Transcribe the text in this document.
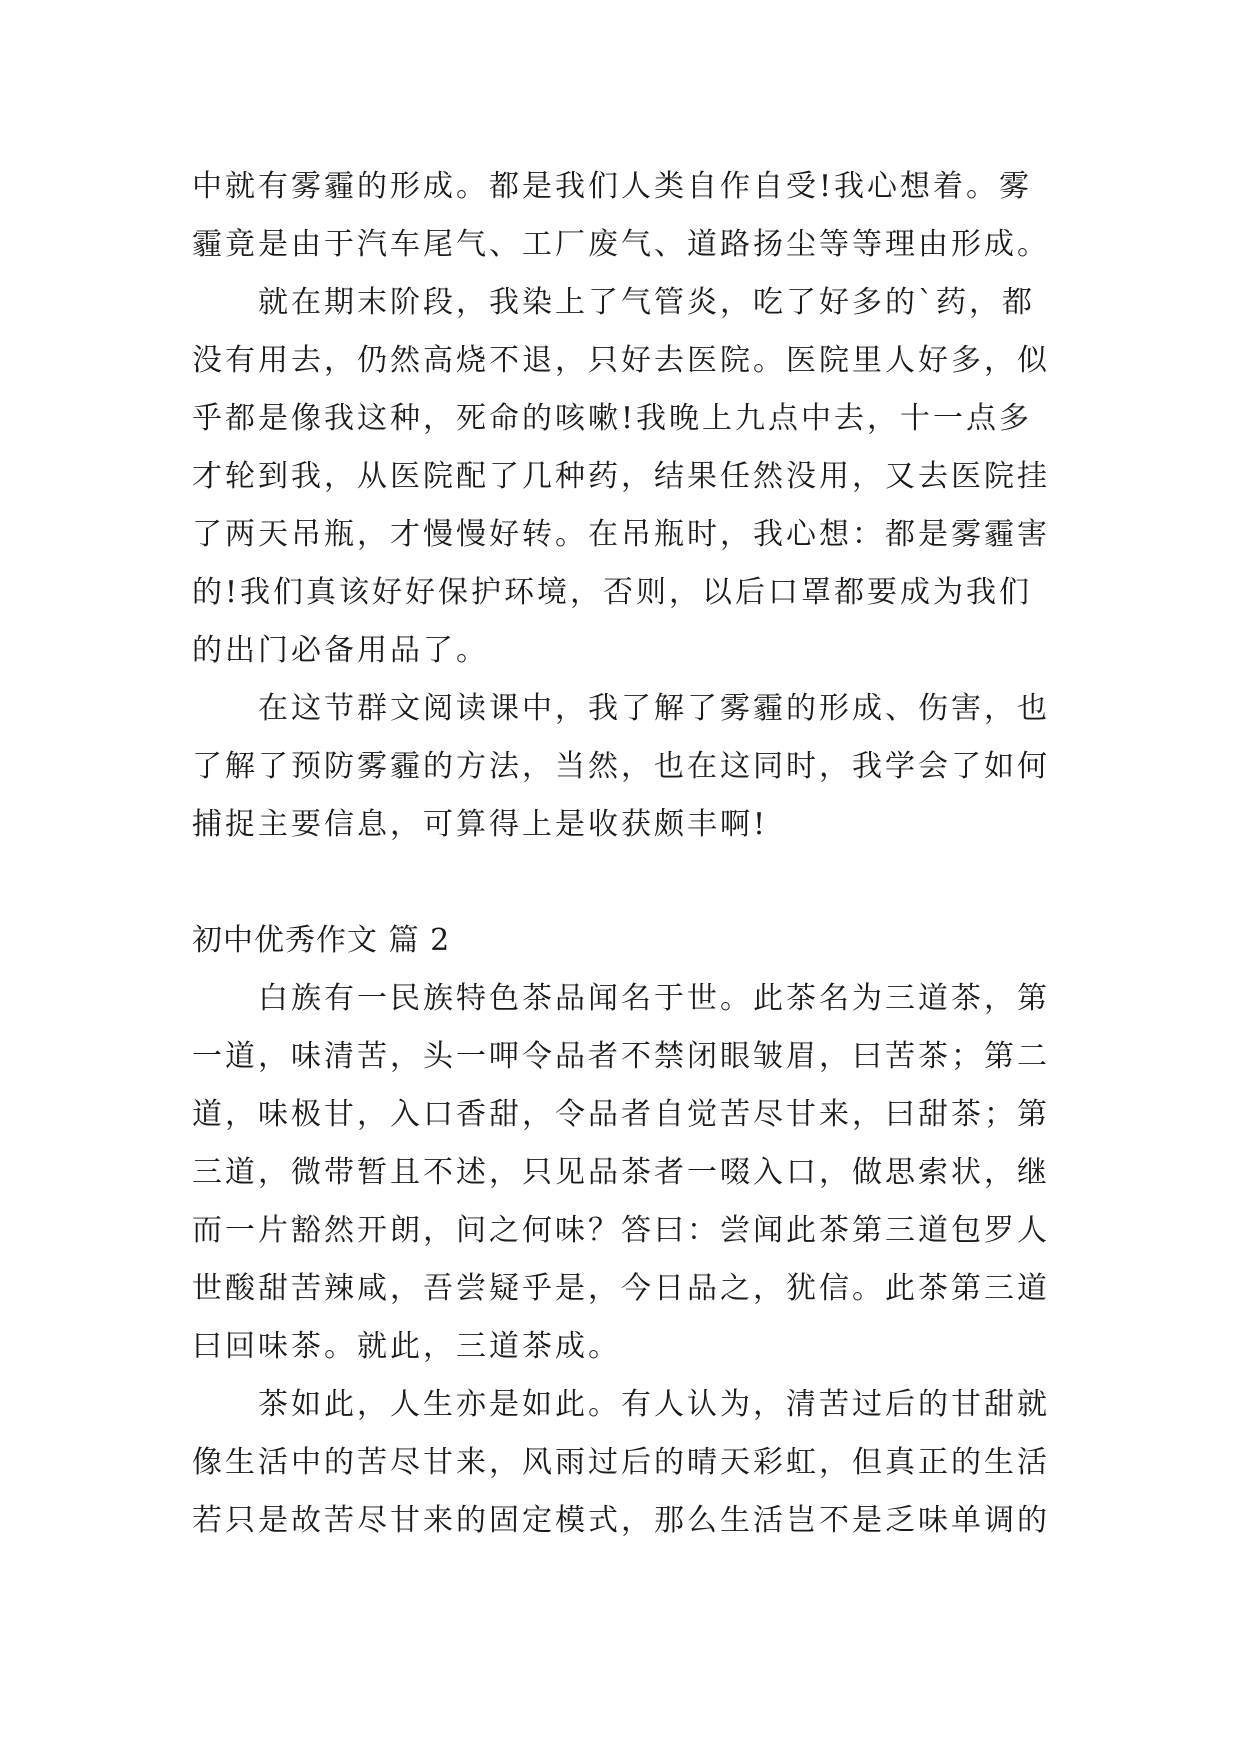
中就有雾霾的形成。都是我们人类自作自受!我心想着。雾
霾竟是由于汽车尾气、工厂废气、道路扬尘等等理由形成。
就在期末阶段，我染上了气管炎，吃了好多的`药，都
没有用去，仍然高烧不退，只好去医院。医院里人好多，似
乎都是像我这种，死命的咳嗽!我晚上九点中去，十一点多
才轮到我，从医院配了几种药，结果任然没用，又去医院挂
了两天吊瓶，才慢慢好转。在吊瓶时，我心想：都是雾霾害
的!我们真该好好保护环境，否则，以后口罩都要成为我们
的出门必备用品了。
在这节群文阅读课中，我了解了雾霾的形成、伤害，也
了解了预防雾霾的方法，当然，也在这同时，我学会了如何
捕捉主要信息，可算得上是收获颇丰啊!
初中优秀作文 篇 2
白族有一民族特色茶品闻名于世。此茶名为三道茶，第
一道，味清苦，头一呷令品者不禁闭眼皱眉，曰苦茶；第二
道，味极甘，入口香甜，令品者自觉苦尽甘来，曰甜茶；第
三道，微带暂且不述，只见品茶者一啜入口，做思索状，继
而一片豁然开朗，问之何味？答曰：尝闻此茶第三道包罗人
世酸甜苦辣咸，吾尝疑乎是，今日品之，犹信。此茶第三道
曰回味茶。就此，三道茶成。
茶如此，人生亦是如此。有人认为，清苦过后的甘甜就
像生活中的苦尽甘来，风雨过后的晴天彩虹，但真正的生活
若只是故苦尽甘来的固定模式，那么生活岂不是乏味单调的
